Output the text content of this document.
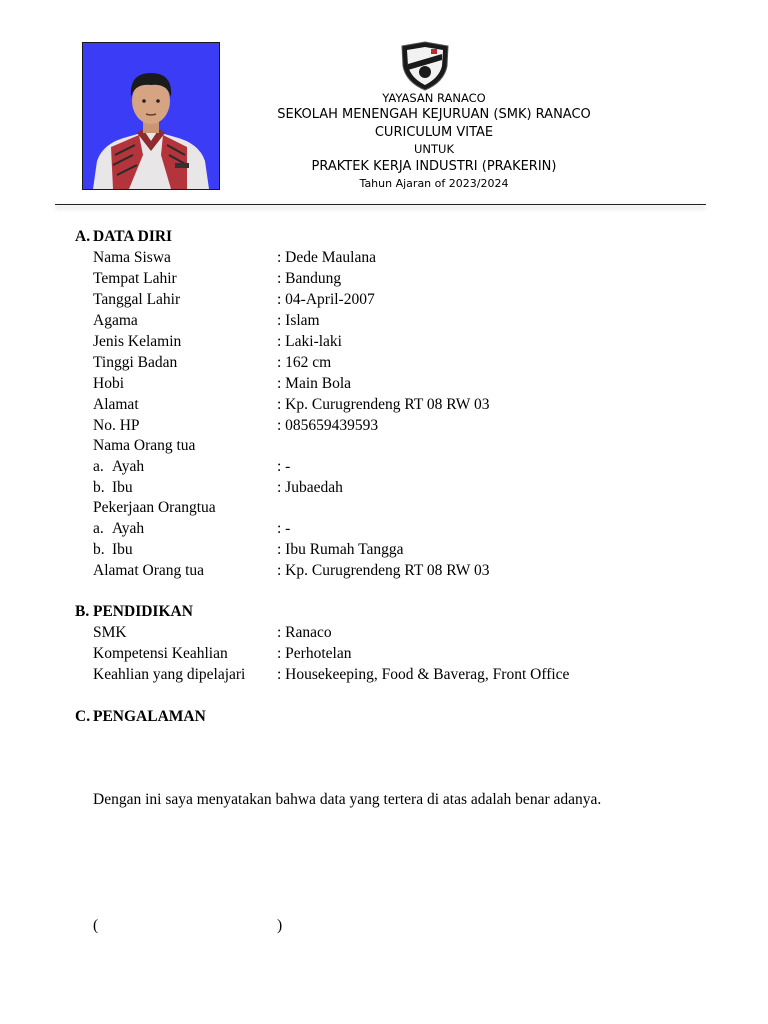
YAYASAN RANACO
SEKOLAH MENENGAH KEJURUAN (SMK) RANACO
CURICULUM VITAE
UNTUK
PRAKTEK KERJA INDUSTRI (PRAKERIN)
Tahun Ajaran of 2023/2024
A. DATA DIRI
Nama Siswa	: Dede Maulana
Tempat Lahir	: Bandung
Tanggal Lahir	: 04-April-2007
Agama	: Islam
Jenis Kelamin	: Laki-laki
Tinggi Badan	: 162 cm
Hobi	: Main Bola
Alamat	: Kp. Curugrendeng RT 08 RW 03
No. HP	: 085659439593
Nama Orang tua
a. Ayah	: -
b. Ibu	: Jubaedah
Pekerjaan Orangtua
a. Ayah	: -
b. Ibu	: Ibu Rumah Tangga
Alamat Orang tua	: Kp. Curugrendeng RT 08 RW 03
B. PENDIDIKAN
SMK	: Ranaco
Kompetensi Keahlian	: Perhotelan
Keahlian yang dipelajari : Housekeeping, Food & Baverag, Front Office
C. PENGALAMAN
Dengan ini saya menyatakan bahwa data yang tertera di atas adalah benar adanya.
(	)
